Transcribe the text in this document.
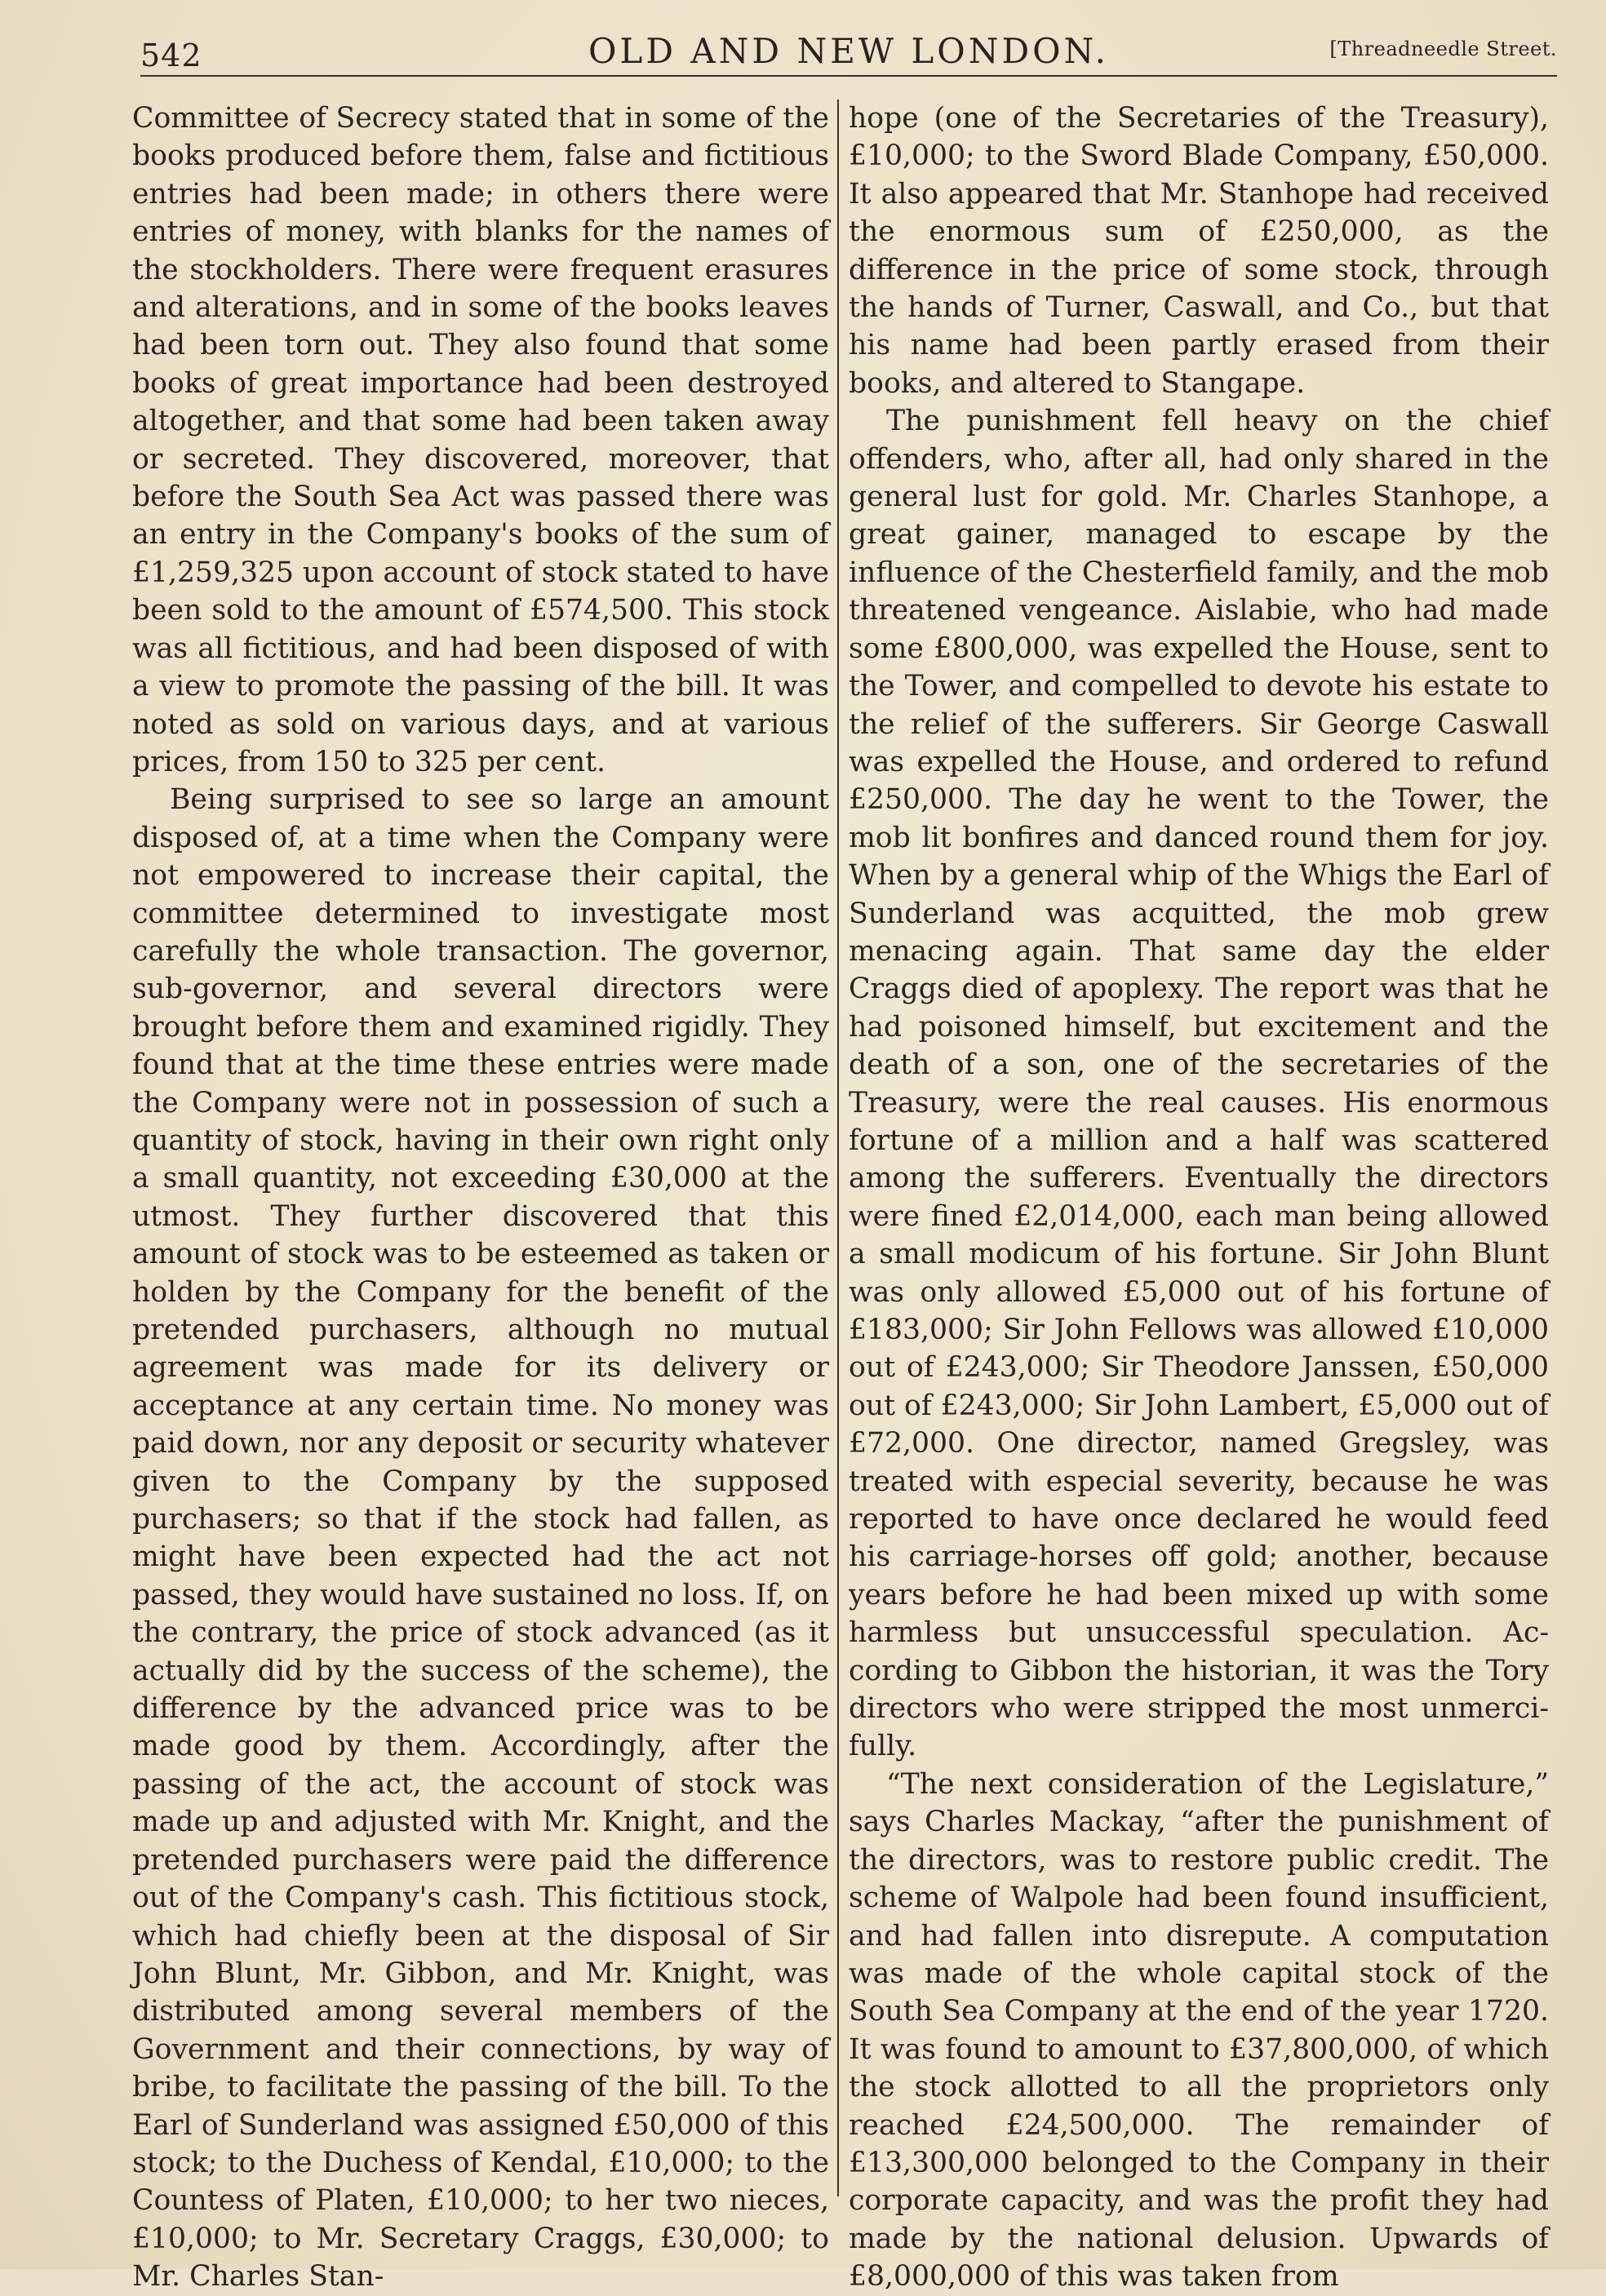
542	OLD AND NEW LONDON.	[Threadneedle Street.

Committee of Secrecy stated that in some of the books produced before them, false and fictitious entries had been made; in others there were entries of money, with blanks for the names of the stockholders. There were frequent erasures and alterations, and in some of the books leaves had been torn out. They also found that some books of great importance had been destroyed altogether, and that some had been taken away or secreted. They discovered, moreover, that before the South Sea Act was passed there was an entry in the Company's books of the sum of £1,259,325 upon account of stock stated to have been sold to the amount of £574,500. This stock was all fictitious, and had been disposed of with a view to promote the passing of the bill. It was noted as sold on various days, and at various prices, from 150 to 325 per cent.

Being surprised to see so large an amount disposed of, at a time when the Company were not empowered to increase their capital, the committee determined to investigate most carefully the whole transaction. The governor, sub-governor, and several directors were brought before them and examined rigidly. They found that at the time these entries were made the Company were not in possession of such a quantity of stock, having in their own right only a small quantity, not exceeding £30,000 at the utmost. They further discovered that this amount of stock was to be esteemed as taken or holden by the Company for the benefit of the pretended purchasers, although no mutual agreement was made for its delivery or acceptance at any certain time. No money was paid down, nor any deposit or security whatever given to the Company by the supposed purchasers; so that if the stock had fallen, as might have been expected had the act not passed, they would have sustained no loss. If, on the contrary, the price of stock advanced (as it actually did by the success of the scheme), the difference by the advanced price was to be made good by them. Accordingly, after the passing of the act, the account of stock was made up and adjusted with Mr. Knight, and the pretended purchasers were paid the difference out of the Company's cash. This fictitious stock, which had chiefly been at the disposal of Sir John Blunt, Mr. Gibbon, and Mr. Knight, was distributed among several members of the Government and their connections, by way of bribe, to facilitate the passing of the bill. To the Earl of Sunderland was assigned £50,000 of this stock; to the Duchess of Kendal, £10,000; to the Countess of Platen, £10,000; to her two nieces, £10,000; to Mr. Secretary Craggs, £30,000; to Mr. Charles Stan-

hope (one of the Secretaries of the Treasury), £10,000; to the Sword Blade Company, £50,000. It also appeared that Mr. Stanhope had received the enormous sum of £250,000, as the difference in the price of some stock, through the hands of Turner, Caswall, and Co., but that his name had been partly erased from their books, and altered to Stangape.

The punishment fell heavy on the chief offenders, who, after all, had only shared in the general lust for gold. Mr. Charles Stanhope, a great gainer, managed to escape by the influence of the Chesterfield family, and the mob threatened vengeance. Aislabie, who had made some £800,000, was expelled the House, sent to the Tower, and compelled to devote his estate to the relief of the sufferers. Sir George Caswall was expelled the House, and ordered to refund £250,000. The day he went to the Tower, the mob lit bonfires and danced round them for joy. When by a general whip of the Whigs the Earl of Sunderland was acquitted, the mob grew menacing again. That same day the elder Craggs died of apoplexy. The report was that he had poisoned himself, but excitement and the death of a son, one of the secretaries of the Treasury, were the real causes. His enormous fortune of a million and a half was scattered among the sufferers. Eventually the directors were fined £2,014,000, each man being allowed a small modicum of his fortune. Sir John Blunt was only allowed £5,000 out of his fortune of £183,000; Sir John Fellows was allowed £10,000 out of £243,000; Sir Theodore Janssen, £50,000 out of £243,000; Sir John Lambert, £5,000 out of £72,000. One director, named Gregsley, was treated with especial severity, because he was reported to have once declared he would feed his carriage-horses off gold; another, because years before he had been mixed up with some harmless but unsuccessful speculation. According to Gibbon the historian, it was the Tory directors who were stripped the most unmercifully.

“The next consideration of the Legislature,” says Charles Mackay, “after the punishment of the directors, was to restore public credit. The scheme of Walpole had been found insufficient, and had fallen into disrepute. A computation was made of the whole capital stock of the South Sea Company at the end of the year 1720. It was found to amount to £37,800,000, of which the stock allotted to all the proprietors only reached £24,500,000. The remainder of £13,300,000 belonged to the Company in their corporate capacity, and was the profit they had made by the national delusion. Upwards of £8,000,000 of this was taken from
